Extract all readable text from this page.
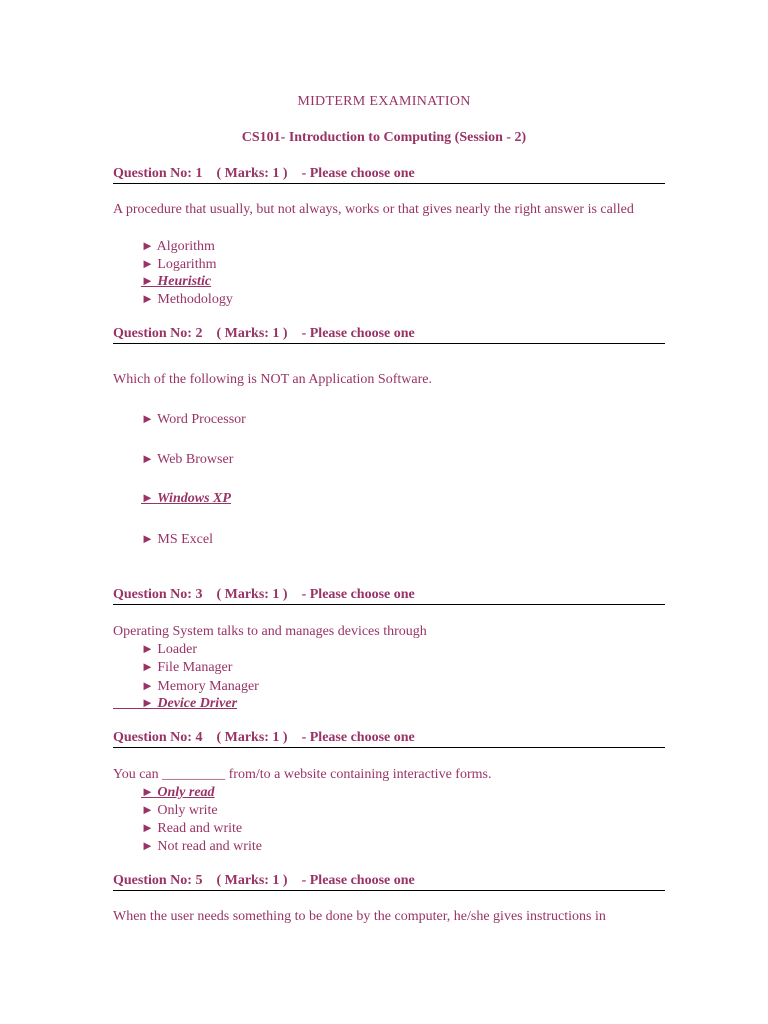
MIDTERM EXAMINATION
CS101- Introduction to Computing (Session - 2)
Question No: 1    ( Marks: 1 )    - Please choose one
A procedure that usually, but not always, works or that gives nearly the right answer is called
► Algorithm
► Logarithm
► Heuristic
► Methodology
Question No: 2    ( Marks: 1 )    - Please choose one
Which of the following is NOT an Application Software.
► Word Processor
► Web Browser
► Windows XP
► MS Excel
Question No: 3    ( Marks: 1 )    - Please choose one
Operating System talks to and manages devices through
► Loader
► File Manager
► Memory Manager
► Device Driver
Question No: 4    ( Marks: 1 )    - Please choose one
You can _________ from/to a website containing interactive forms.
► Only read
► Only write
► Read and write
► Not read and write
Question No: 5    ( Marks: 1 )    - Please choose one
When the user needs something to be done by the computer, he/she gives instructions in
